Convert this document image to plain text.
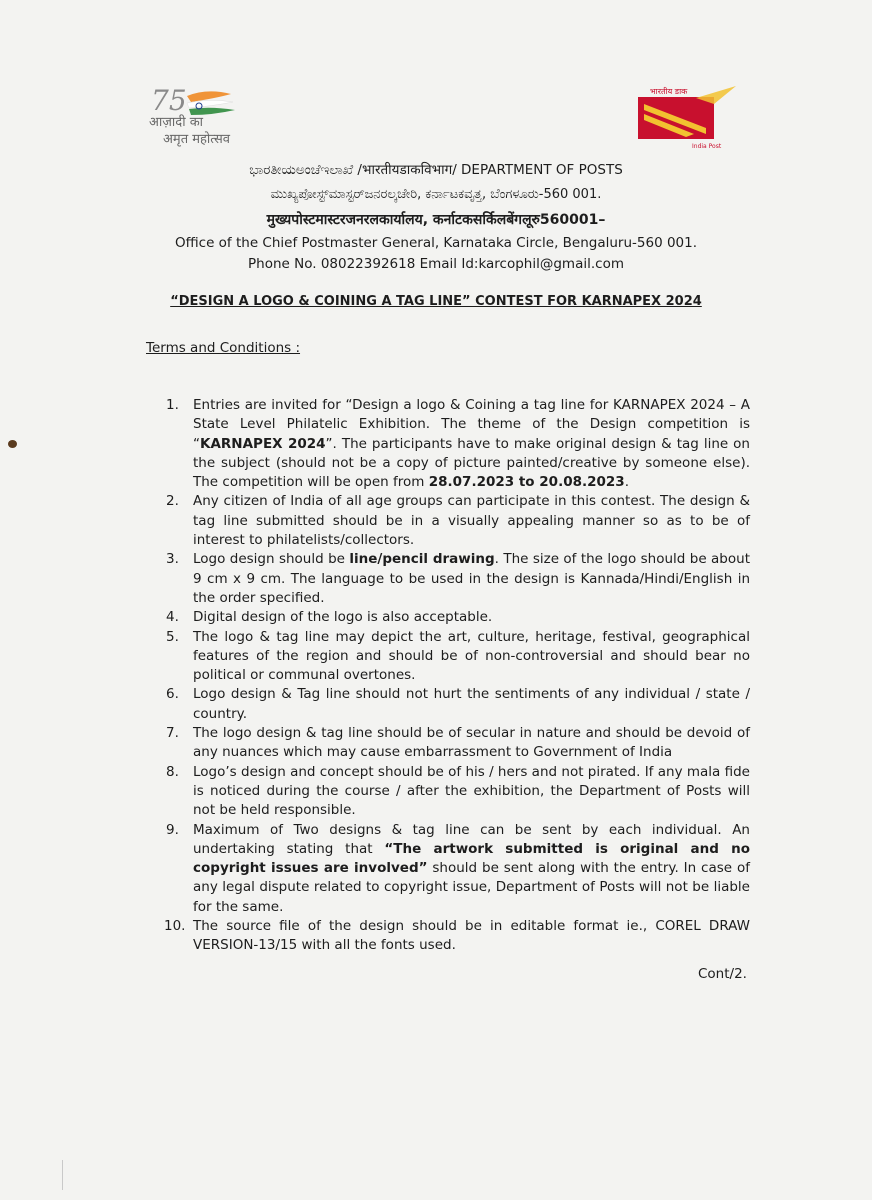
75
आज़ादी का
अमृत महोत्सव
भारतीय डाक
India Post
ಭಾರತೀಯಅಂಚೆಇಲಾಖೆ /भारतीयडाकविभाग/ DEPARTMENT OF POSTS
ಮುಖ್ಯಪೋಸ್ಟ್‌ಮಾಸ್ಟರ್‌ಜನರಲ್ಕಚೇರಿ, ಕರ್ನಾಟಕವೃತ್ತ, ಬೆಂಗಳೂರು-560 001.
मुख्यपोस्टमास्टरजनरलकार्यालय, कर्नाटकसर्किलबेंगलूरु560001–
Office of the Chief Postmaster General, Karnataka Circle, Bengaluru-560 001.
Phone No. 08022392618 Email Id:karcophil@gmail.com
“DESIGN A LOGO & COINING A TAG LINE” CONTEST FOR KARNAPEX 2024
Terms and Conditions :
1. Entries are invited for “Design a logo & Coining a tag line for KARNAPEX 2024 – A State Level Philatelic Exhibition. The theme of the Design competition is “KARNAPEX 2024”. The participants have to make original design & tag line on the subject (should not be a copy of picture painted/creative by someone else). The competition will be open from 28.07.2023 to 20.08.2023.
2. Any citizen of India of all age groups can participate in this contest. The design & tag line submitted should be in a visually appealing manner so as to be of interest to philatelists/collectors.
3. Logo design should be line/pencil drawing. The size of the logo should be about 9 cm x 9 cm. The language to be used in the design is Kannada/Hindi/English in the order specified.
4. Digital design of the logo is also acceptable.
5. The logo & tag line may depict the art, culture, heritage, festival, geographical features of the region and should be of non-controversial and should bear no political or communal overtones.
6. Logo design & Tag line should not hurt the sentiments of any individual / state / country.
7. The logo design & tag line should be of secular in nature and should be devoid of any nuances which may cause embarrassment to Government of India
8. Logo’s design and concept should be of his / hers and not pirated. If any mala fide is noticed during the course / after the exhibition, the Department of Posts will not be held responsible.
9. Maximum of Two designs & tag line can be sent by each individual. An undertaking stating that “The artwork submitted is original and no copyright issues are involved” should be sent along with the entry. In case of any legal dispute related to copyright issue, Department of Posts will not be liable for the same.
10. The source file of the design should be in editable format ie., COREL DRAW VERSION-13/15 with all the fonts used.
Cont/2.
